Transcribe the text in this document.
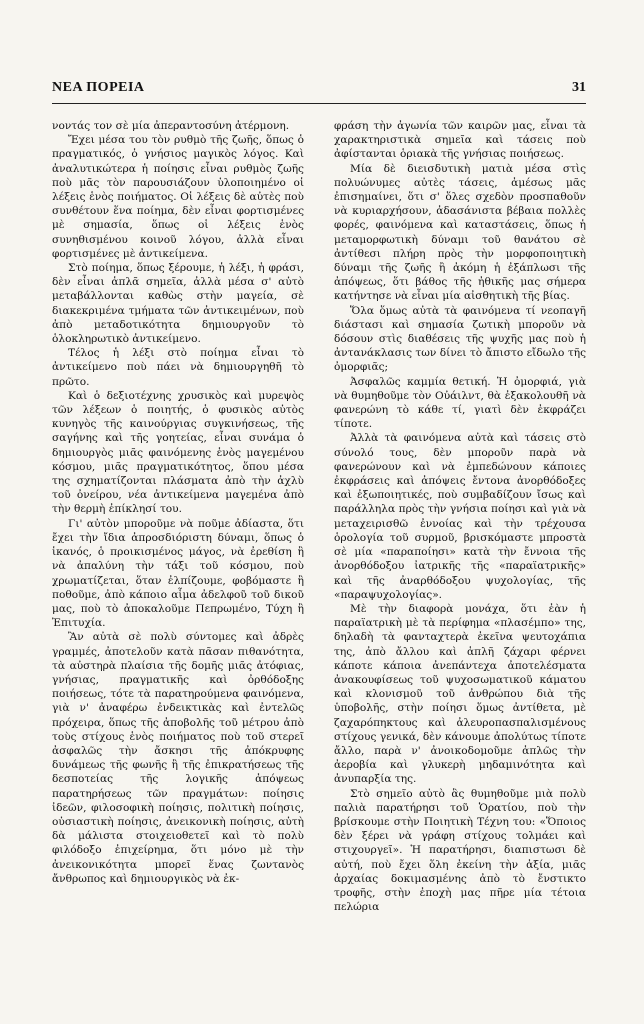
ΝΕΑ ΠΟΡΕΙΑ	31

νοντάς τον σὲ μία ἀπεραντοσύνη ἀτέρμονη.

Ἔχει μέσα του τὸν ρυθμὸ τῆς ζωῆς, ὅπως ὁ πραγματικός, ὁ γνήσιος μαγικὸς λόγος. Καὶ ἀναλυτικώτερα ἡ ποίησις εἶναι ρυθμὸς ζωῆς ποὺ μᾶς τὸν παρουσιάζουν ὑλοποιημένο οἱ λέξεις ἑνὸς ποιήματος. Οἱ λέξεις δὲ αὐτὲς ποὺ συνθέτουν ἕνα ποίημα, δὲν εἶναι φορτισμένες μὲ σημασία, ὅπως οἱ λέξεις ἑνὸς συνηθισμένου κοινοῦ λόγου, ἀλλὰ εἶναι φορτισμένες μὲ ἀντικείμενα.

Στὸ ποίημα, ὅπως ξέρουμε, ἡ λέξι, ἡ φράσι, δὲν εἶναι ἁπλᾶ σημεῖα, ἀλλὰ μέσα σ' αὐτὸ μεταβάλλονται καθὼς στὴν μαγεία, σὲ διακεκριμένα τμήματα τῶν ἀντικειμένων, ποὺ ἀπὸ μεταδοτικότητα δημιουργοῦν τὸ ὁλοκληρωτικὸ ἀντικείμενο.

Τέλος ἡ λέξι στὸ ποίημα εἶναι τὸ ἀντικείμενο ποὺ πάει νὰ δημιουργηθῆ τὸ πρῶτο.

Καὶ ὁ δεξιοτέχνης χρυσικὸς καὶ μυρεψὸς τῶν λέξεων ὁ ποιητής, ὁ φυσικὸς αὐτὸς κυνηγὸς τῆς καινούργιας συγκινήσεως, τῆς σαγήνης καὶ τῆς γοητείας, εἶναι συνάμα ὁ δημιουργὸς μιᾶς φαινόμενης ἑνὸς μαγεμένου κόσμου, μιᾶς πραγματικότητος, ὅπου μέσα της σχηματίζονται πλάσματα ἀπὸ τὴν ἀχλὺ τοῦ ὀνείρου, νέα ἀντικείμενα μαγεμένα ἀπὸ τὴν θερμὴ ἐπίκλησί του.

Γι' αὐτὸν μποροῦμε νὰ ποῦμε ἀδίαστα, ὅτι ἔχει τὴν ἴδια ἀπροσδιόριστη δύναμι, ὅπως ὁ ἱκανός, ὁ προικισμένος μάγος, νὰ ἐρεθίση ἢ νὰ ἀπαλύνη τὴν τάξι τοῦ κόσμου, ποὺ χρωματίζεται, ὅταν ἐλπίζουμε, φοβόμαστε ἢ ποθοῦμε, ἀπὸ κάποιο αἷμα ἀδελφοῦ τοῦ δικοῦ μας, ποὺ τὸ ἀποκαλοῦμε Πεπρωμένο, Τύχη ἢ Ἐπιτυχία.

Ἂν αὐτὰ σὲ πολὺ σύντομες καὶ ἀδρὲς γραμμές, ἀποτελοῦν κατὰ πᾶσαν πιθανότητα, τὰ αὐστηρὰ πλαίσια τῆς δομῆς μιᾶς ἀτόφιας, γνήσιας, πραγματικῆς καὶ ὀρθόδοξης ποιήσεως, τότε τὰ παρατηρούμενα φαινόμενα, γιὰ ν' ἀναφέρω ἐνδεικτικὰς καὶ ἐντελῶς πρόχειρα, ὅπως τῆς ἀποβολῆς τοῦ μέτρου ἀπὸ τοὺς στίχους ἑνὸς ποιήματος ποὺ τοῦ στερεῖ ἀσφαλῶς τὴν ἄσκησι τῆς ἀπόκρυφης δυνάμεως τῆς φωνῆς ἢ τῆς ἐπικρατήσεως τῆς δεσποτείας τῆς λογικῆς ἀπόψεως παρατηρήσεως τῶν πραγμάτων: ποίησις ἰδεῶν, φιλοσοφικὴ ποίησις, πολιτικὴ ποίησις, οὐσιαστικὴ ποίησις, ἀνεικονικὴ ποίησις, αὐτὴ δὰ μάλιστα στοιχειοθετεῖ καὶ τὸ πολὺ φιλόδοξο ἐπιχείρημα, ὅτι μόνο μὲ τὴν ἀνεικονικότητα μπορεῖ ἕνας ζωντανὸς ἄνθρωπος καὶ δημιουργικὸς νὰ ἐκ-

φράση τὴν ἀγωνία τῶν καιρῶν μας, εἶναι τὰ χαρακτηριστικὰ σημεῖα καὶ τάσεις ποὺ ἀφίστανται ὁριακὰ τῆς γνήσιας ποιήσεως.

Μία δὲ διεισδυτικὴ ματιὰ μέσα στὶς πολυώνυμες αὐτὲς τάσεις, ἀμέσως μᾶς ἐπισημαίνει, ὅτι σ' ὅλες σχεδὸν προσπαθοῦν νὰ κυριαρχήσουν, ἀδασάνιστα βέβαια πολλὲς φορές, φαινόμενα καὶ καταστάσεις, ὅπως ἡ μεταμορφωτικὴ δύναμι τοῦ θανάτου σὲ ἀντίθεσι πλήρη πρὸς τὴν μορφοποιητικὴ δύναμι τῆς ζωῆς ἢ ἀκόμη ἡ ἐξάπλωσι τῆς ἀπόψεως, ὅτι βάθος τῆς ἠθικῆς μας σήμερα κατήντησε νὰ εἶναι μία αἰσθητικὴ τῆς βίας.

Ὅλα ὅμως αὐτὰ τὰ φαινόμενα τί νεοπαγῆ διάστασι καὶ σημασία ζωτικὴ μποροῦν νὰ δόσουν στὶς διαθέσεις τῆς ψυχῆς μας ποὺ ἡ ἀντανάκλασις των δίνει τὸ ἄπιστο εἴδωλο τῆς ὀμορφιᾶς;

Ἀσφαλῶς καμμία θετική. Ἡ ὀμορφιά, γιὰ νὰ θυμηθοῦμε τὸν Οὐάιλντ, θὰ ἐξακολουθῆ νὰ φανερώνη τὸ κάθε τί, γιατὶ δὲν ἐκφράζει τίποτε.

Ἀλλὰ τὰ φαινόμενα αὐτὰ καὶ τάσεις στὸ σύνολό τους, δὲν μποροῦν παρὰ νὰ φανερώνουν καὶ νὰ ἐμπεδώνουν κάποιες ἐκφράσεις καὶ ἀπόψεις ἔντονα ἀνορθόδοξες καὶ ἐξωποιητικές, ποὺ συμβαδίζουν ἴσως καὶ παράλληλα πρὸς τὴν γνήσια ποίησι καὶ γιὰ νὰ μεταχειρισθῶ ἐννοίας καὶ τὴν τρέχουσα ὁρολογία τοῦ συρμοῦ, βρισκόμαστε μπροστὰ σὲ μία «παραποίησι» κατὰ τὴν ἔννοια τῆς ἀνορθόδοξου ἰατρικῆς τῆς «παραϊατρικῆς» καὶ τῆς ἀναρθόδοξου ψυχολογίας, τῆς «παραψυχολογίας».

Μὲ τὴν διαφορὰ μονάχα, ὅτι ἐὰν ἡ παραϊατρικὴ μὲ τὰ περίφημα «πλασέμπο» της, δηλαδὴ τὰ φανταχτερὰ ἐκεῖνα ψευτοχάπια της, ἀπὸ ἄλλου καὶ ἁπλῆ ζάχαρι φέρνει κάποτε κάποια ἀνεπάντεχα ἀποτελέσματα ἀνακουφίσεως τοῦ ψυχοσωματικοῦ κάματου καὶ κλονισμοῦ τοῦ ἀνθρώπου διὰ τῆς ὑποβολῆς, στὴν ποίησι ὅμως ἀντίθετα, μὲ ζαχαρόπηκτους καὶ ἀλευροπασπαλισμένους στίχους γενικά, δὲν κάνουμε ἀπολύτως τίποτε ἄλλο, παρὰ ν' ἀνοικοδομοῦμε ἁπλῶς τὴν ἀεροβία καὶ γλυκερὴ μηδαμινότητα καὶ ἀνυπαρξία της.

Στὸ σημεῖο αὐτὸ ἂς θυμηθοῦμε μιὰ πολὺ παλιὰ παρατήρησι τοῦ Ὁρατίου, ποὺ τὴν βρίσκουμε στὴν Ποιητικὴ Τέχνη του: «Ὅποιος δὲν ξέρει νὰ γράφη στίχους τολμάει καὶ στιχουργεῖ». Ἡ παρατήρησι, διαπιστωσι δὲ αὐτή, ποὺ ἔχει ὅλη ἐκείνη τὴν ἀξία, μιᾶς ἀρχαίας δοκιμασμένης ἀπὸ τὸ ἔνστικτο τροφῆς, στὴν ἐποχὴ μας πῆρε μία τέτοια πελώρια
